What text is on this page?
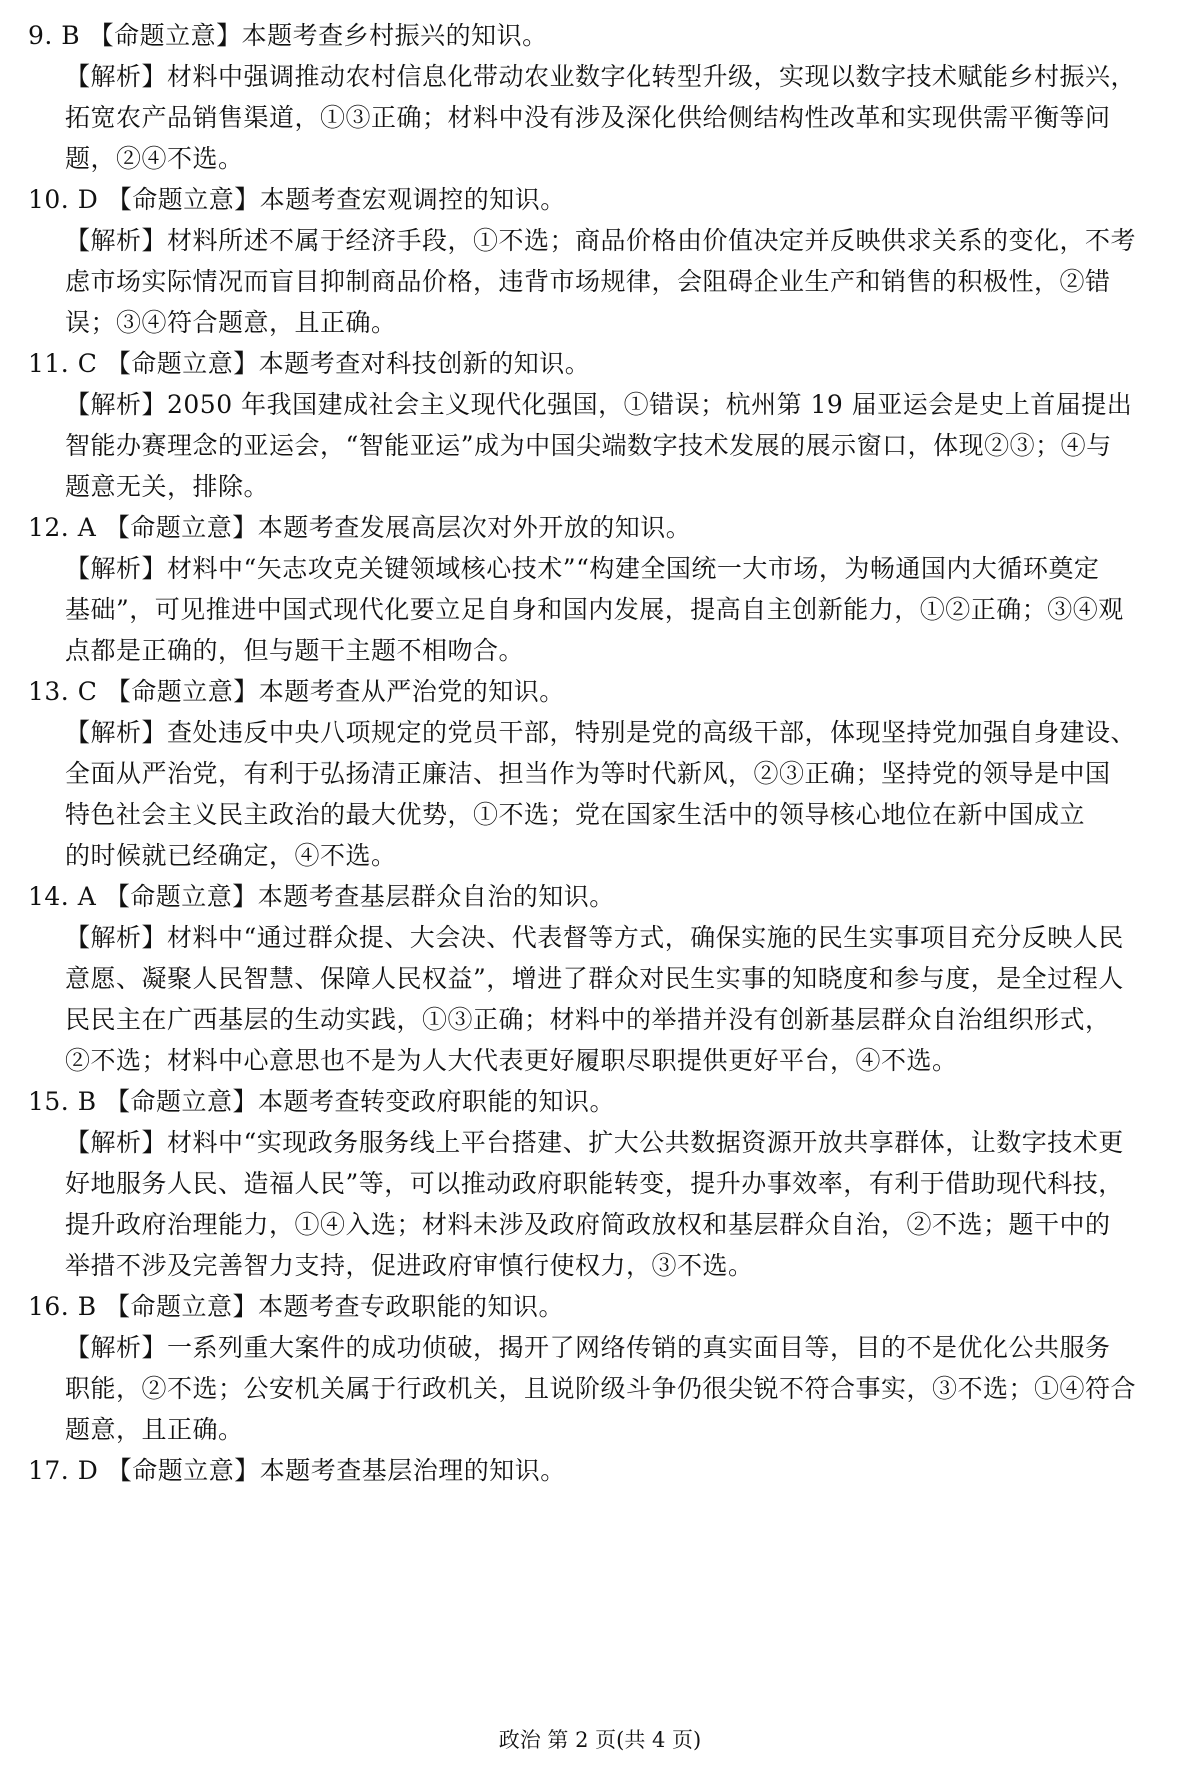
9. B 【命题立意】本题考查乡村振兴的知识。
【解析】材料中强调推动农村信息化带动农业数字化转型升级，实现以数字技术赋能乡村振兴，
拓宽农产品销售渠道，①③正确；材料中没有涉及深化供给侧结构性改革和实现供需平衡等问
题，②④不选。
10. D 【命题立意】本题考查宏观调控的知识。
【解析】材料所述不属于经济手段，①不选；商品价格由价值决定并反映供求关系的变化，不考
虑市场实际情况而盲目抑制商品价格，违背市场规律，会阻碍企业生产和销售的积极性，②错
误；③④符合题意，且正确。
11. C 【命题立意】本题考查对科技创新的知识。
【解析】2050 年我国建成社会主义现代化强国，①错误；杭州第 19 届亚运会是史上首届提出
智能办赛理念的亚运会，“智能亚运”成为中国尖端数字技术发展的展示窗口，体现②③；④与
题意无关，排除。
12. A 【命题立意】本题考查发展高层次对外开放的知识。
【解析】材料中“矢志攻克关键领域核心技术”“构建全国统一大市场，为畅通国内大循环奠定
基础”，可见推进中国式现代化要立足自身和国内发展，提高自主创新能力，①②正确；③④观
点都是正确的，但与题干主题不相吻合。
13. C 【命题立意】本题考查从严治党的知识。
【解析】查处违反中央八项规定的党员干部，特别是党的高级干部，体现坚持党加强自身建设、
全面从严治党，有利于弘扬清正廉洁、担当作为等时代新风，②③正确；坚持党的领导是中国
特色社会主义民主政治的最大优势，①不选；党在国家生活中的领导核心地位在新中国成立
的时候就已经确定，④不选。
14. A 【命题立意】本题考查基层群众自治的知识。
【解析】材料中“通过群众提、大会决、代表督等方式，确保实施的民生实事项目充分反映人民
意愿、凝聚人民智慧、保障人民权益”，增进了群众对民生实事的知晓度和参与度，是全过程人
民民主在广西基层的生动实践，①③正确；材料中的举措并没有创新基层群众自治组织形式，
②不选；材料中心意思也不是为人大代表更好履职尽职提供更好平台，④不选。
15. B 【命题立意】本题考查转变政府职能的知识。
【解析】材料中“实现政务服务线上平台搭建、扩大公共数据资源开放共享群体，让数字技术更
好地服务人民、造福人民”等，可以推动政府职能转变，提升办事效率，有利于借助现代科技，
提升政府治理能力，①④入选；材料未涉及政府简政放权和基层群众自治，②不选；题干中的
举措不涉及完善智力支持，促进政府审慎行使权力，③不选。
16. B 【命题立意】本题考查专政职能的知识。
【解析】一系列重大案件的成功侦破，揭开了网络传销的真实面目等，目的不是优化公共服务
职能，②不选；公安机关属于行政机关，且说阶级斗争仍很尖锐不符合事实，③不选；①④符合
题意，且正确。
17. D 【命题立意】本题考查基层治理的知识。
政治 第 2 页(共 4 页)
